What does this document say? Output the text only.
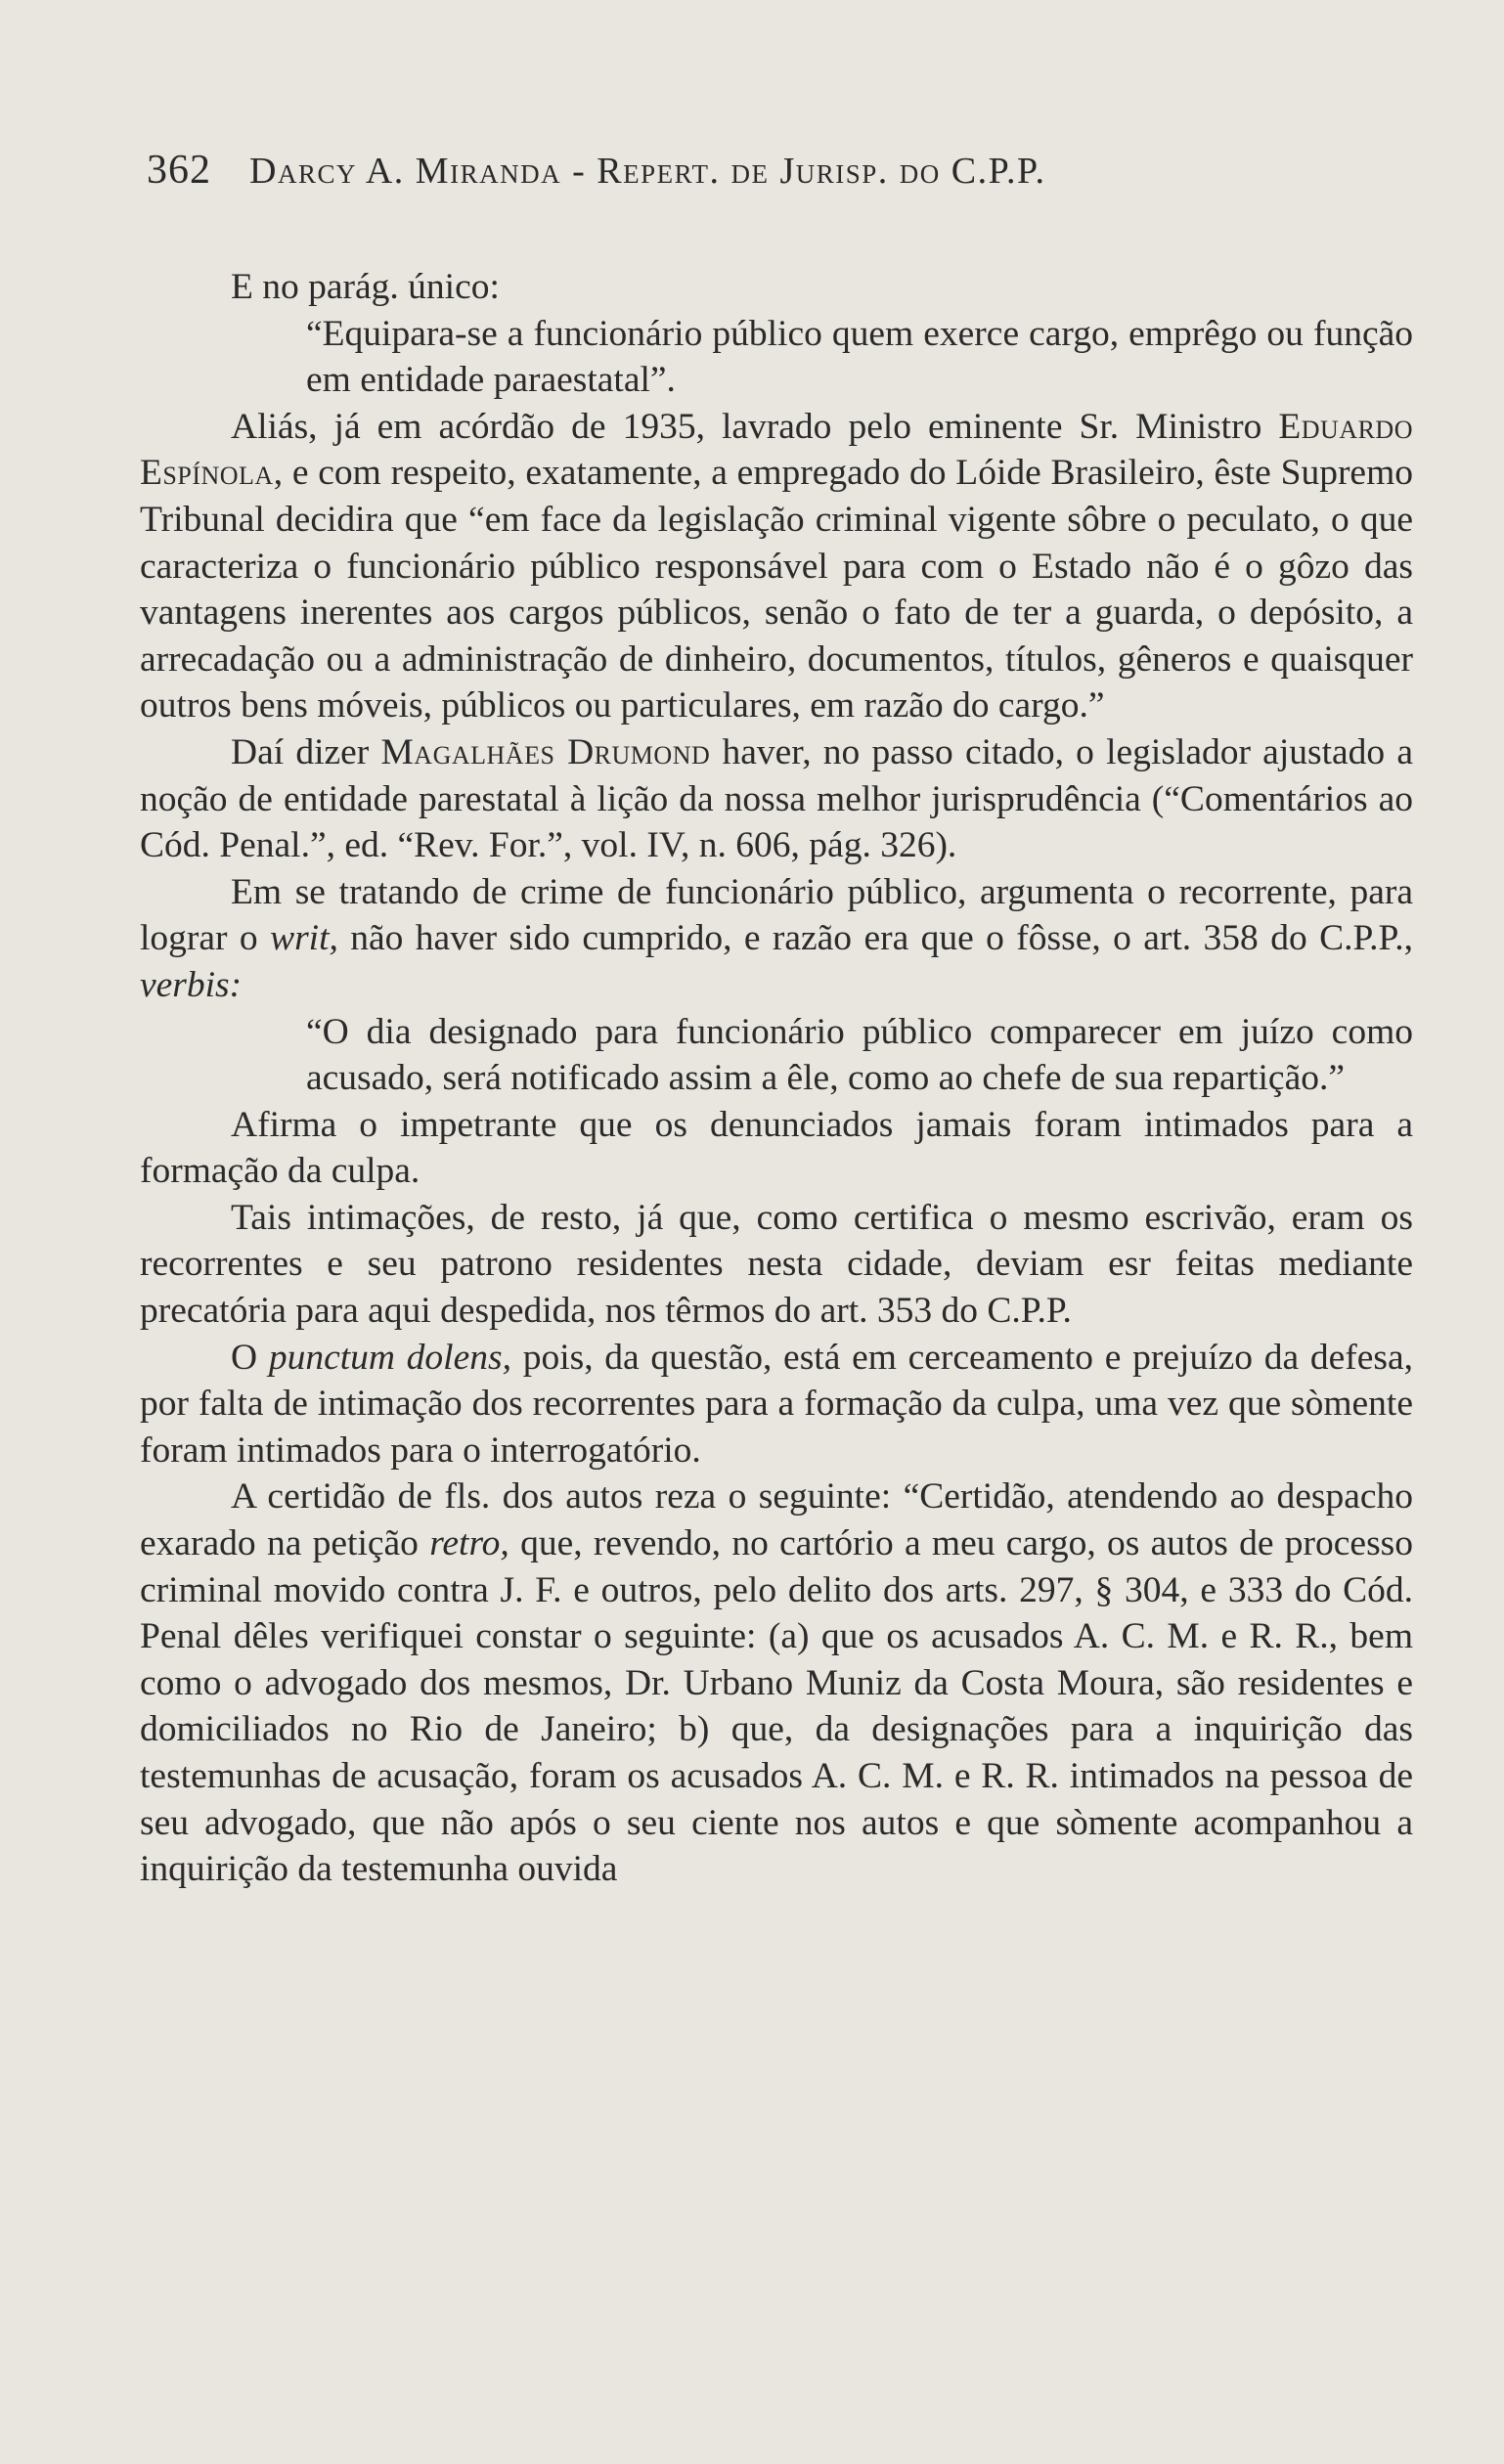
362	Darcy A. Miranda - Repert. de Jurisp. do C.P.P.

E no parág. único:

“Equipara-se a funcionário público quem exerce cargo, emprêgo ou função em entidade paraestatal”.

Aliás, já em acórdão de 1935, lavrado pelo eminente Sr. Ministro Eduardo Espínola, e com respeito, exatamente, a empregado do Lóide Brasileiro, êste Supremo Tribunal decidira que “em face da legislação criminal vigente sôbre o peculato, o que caracteriza o funcionário público responsável para com o Estado não é o gôzo das vantagens inerentes aos cargos públicos, senão o fato de ter a guarda, o depósito, a arrecadação ou a administração de dinheiro, documentos, títulos, gêneros e quaisquer outros bens móveis, públicos ou particulares, em razão do cargo.”

Daí dizer Magalhães Drumond haver, no passo citado, o legislador ajustado a noção de entidade parestatal à lição da nossa melhor jurisprudência (“Comentários ao Cód. Penal.”, ed. “Rev. For.”, vol. IV, n. 606, pág. 326).

Em se tratando de crime de funcionário público, argumenta o recorrente, para lograr o writ, não haver sido cumprido, e razão era que o fôsse, o art. 358 do C.P.P., verbis:

“O dia designado para funcionário público comparecer em juízo como acusado, será notificado assim a êle, como ao chefe de sua repartição.”

Afirma o impetrante que os denunciados jamais foram intimados para a formação da culpa.

Tais intimações, de resto, já que, como certifica o mesmo escrivão, eram os recorrentes e seu patrono residentes nesta cidade, deviam esr feitas mediante precatória para aqui despedida, nos têrmos do art. 353 do C.P.P.

O punctum dolens, pois, da questão, está em cerceamento e prejuízo da defesa, por falta de intimação dos recorrentes para a formação da culpa, uma vez que sòmente foram intimados para o interrogatório.

A certidão de fls. dos autos reza o seguinte: “Certidão, atendendo ao despacho exarado na petição retro, que, revendo, no cartório a meu cargo, os autos de processo criminal movido contra J. F. e outros, pelo delito dos arts. 297, § 304, e 333 do Cód. Penal dêles verifiquei constar o seguinte: (a) que os acusados A. C. M. e R. R., bem como o advogado dos mesmos, Dr. Urbano Muniz da Costa Moura, são residentes e domiciliados no Rio de Janeiro; b) que, da designações para a inquirição das testemunhas de acusação, foram os acusados A. C. M. e R. R. intimados na pessoa de seu advogado, que não após o seu ciente nos autos e que sòmente acompanhou a inquirição da testemunha ouvida
